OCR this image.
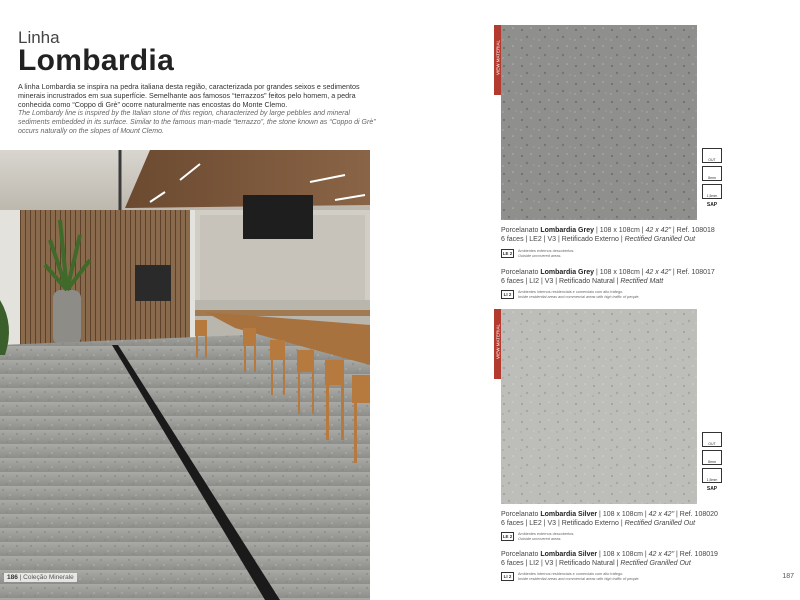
Linha
Lombardia

A linha Lombardia se inspira na pedra italiana desta região, caracterizada por grandes seixos e sedimentos minerais incrustrados em sua superfície. Semelhante aos famosos “terrazzos” feitos pelo homem, a pedra conhecida como “Coppo di Grè” ocorre naturalmente nas encostas do Monte Clemo.

The Lombardy line is inspired by the Italian stone of this region, characterized by large pebbles and mineral sediments embedded in its surface. Similar to the famous man-made “terrazzo”, the stone known as “Coppo di Grè” occurs naturally on the slopes of Mount Clemo.

186 | Coleção Minerale	187
VIEW MATERIAL
OUT
8mm
1,5mm
SAP
Porcelanato Lombardia Grey | 108 x 108cm | 42 x 42" | Ref. 108018
6 faces | LE2 | V3 | Retificado Externo | Rectified Granilled Out
LE 2	Ambientes externos descobertos.
Outside uncovered areas.
Porcelanato Lombardia Grey | 108 x 108cm | 42 x 42" | Ref. 108017
6 faces | LI2 | V3 | Retificado Natural | Rectified Matt
LI 2	Ambientes internos residenciais e comerciais com alto tráfego.
Inside residential areas and commercial areas with high traffic of people.
VIEW MATERIAL
OUT
8mm
1,5mm
SAP
Porcelanato Lombardia Silver | 108 x 108cm | 42 x 42" | Ref. 108020
6 faces | LE2 | V3 | Retificado Externo | Rectified Granilled Out
LE 2	Ambientes externos descobertos.
Outside uncovered areas.
Porcelanato Lombardia Silver | 108 x 108cm | 42 x 42" | Ref. 108019
6 faces | LI2 | V3 | Retificado Natural | Rectified Granilled Out
LI 2	Ambientes internos residenciais e comerciais com alto tráfego.
Inside residential areas and commercial areas with high traffic of people.
